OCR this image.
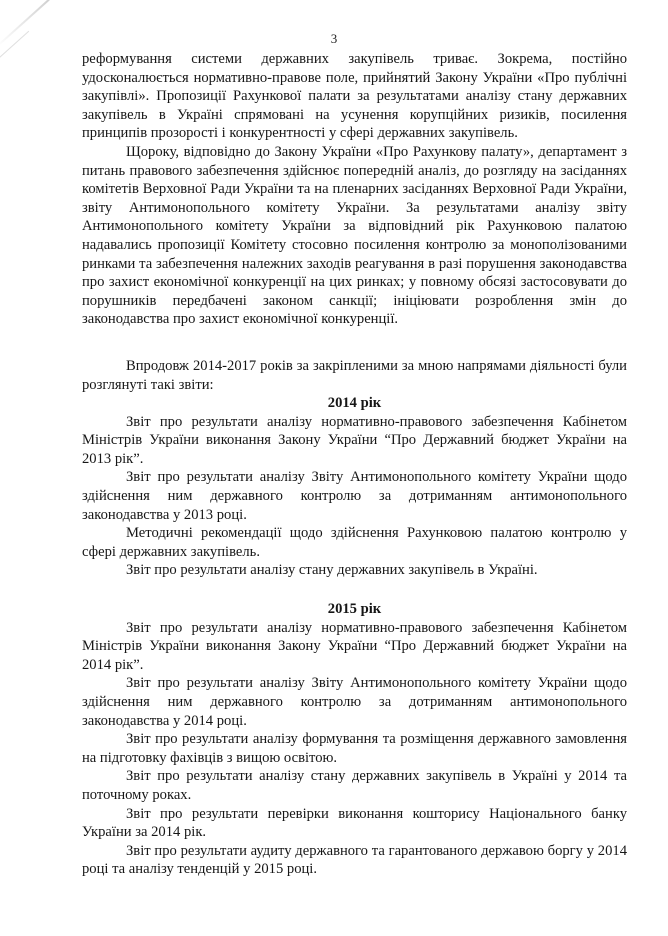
3

реформування системи державних закупівель триває. Зокрема, постійно удосконалюється нормативно-правове поле, прийнятий Закону України «Про публічні закупівлі». Пропозиції Рахункової палати за результатами аналізу стану державних закупівель в Україні спрямовані на усунення корупційних ризиків, посилення принципів прозорості і конкурентності у сфері державних закупівель.

Щороку, відповідно до Закону України «Про Рахункову палату», департамент з питань правового забезпечення здійснює попередній аналіз, до розгляду на засіданнях комітетів Верховної Ради України та на пленарних засіданнях Верховної Ради України, звіту Антимонопольного комітету України. За результатами аналізу звіту Антимонопольного комітету України за відповідний рік Рахунковою палатою надавались пропозиції Комітету стосовно посилення контролю за монополізованими ринками та забезпечення належних заходів реагування в разі порушення законодавства про захист економічної конкуренції на цих ринках; у повному обсязі застосовувати до порушників передбачені законом санкції; ініціювати розроблення змін до законодавства про захист економічної конкуренції.

Впродовж 2014-2017 років за закріпленими за мною напрямами діяльності були розглянуті такі звіти:

2014 рік

Звіт про результати аналізу нормативно-правового забезпечення Кабінетом Міністрів України виконання Закону України “Про Державний бюджет України на 2013 рік”.

Звіт про результати аналізу Звіту Антимонопольного комітету України щодо здійснення ним державного контролю за дотриманням антимонопольного законодавства у 2013 році.

Методичні рекомендації щодо здійснення Рахунковою палатою контролю у сфері державних закупівель.

Звіт про результати аналізу стану державних закупівель в Україні.

2015 рік

Звіт про результати аналізу нормативно-правового забезпечення Кабінетом Міністрів України виконання Закону України “Про Державний бюджет України на 2014 рік”.

Звіт про результати аналізу Звіту Антимонопольного комітету України щодо здійснення ним державного контролю за дотриманням антимонопольного законодавства у 2014 році.

Звіт про результати аналізу формування та розміщення державного замовлення на підготовку фахівців з вищою освітою.

Звіт про результати аналізу стану державних закупівель в Україні у 2014 та поточному роках.

Звіт про результати перевірки виконання кошторису Національного банку України за 2014 рік.

Звіт про результати аудиту державного та гарантованого державою боргу у 2014 році та аналізу тенденцій у 2015 році.
